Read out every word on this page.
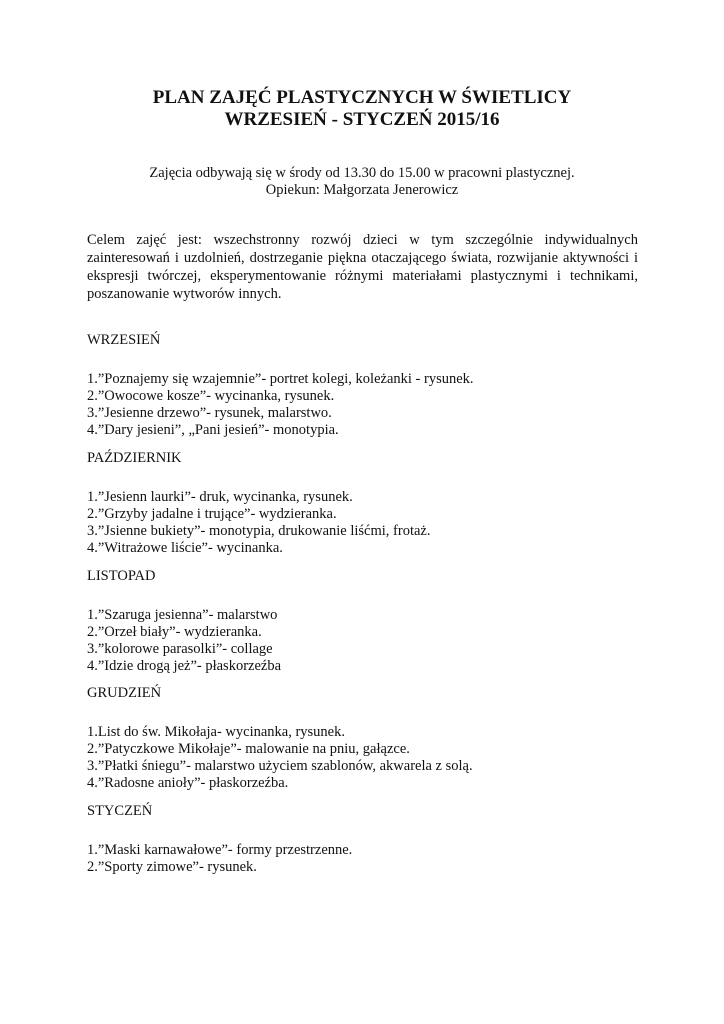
PLAN ZAJĘĆ PLASTYCZNYCH W ŚWIETLICY
WRZESIEŃ - STYCZEŃ 2015/16

Zajęcia odbywają się w środy od 13.30 do 15.00 w pracowni plastycznej.

Opiekun: Małgorzata Jenerowicz

Celem zajęć jest: wszechstronny rozwój dzieci w tym szczególnie indywidualnych zainteresowań i uzdolnień, dostrzeganie piękna otaczającego świata, rozwijanie aktywności i ekspresji twórczej, eksperymentowanie różnymi materiałami plastycznymi i technikami, poszanowanie wytworów innych.

WRZESIEŃ

1.”Poznajemy się wzajemnie”- portret kolegi, koleżanki - rysunek.
2.”Owocowe kosze”- wycinanka, rysunek.
3.”Jesienne drzewo”- rysunek, malarstwo.
4.”Dary jesieni”, „Pani jesień”- monotypia.

PAŹDZIERNIK

1.”Jesienn laurki”- druk, wycinanka, rysunek.
2.”Grzyby jadalne i trujące”- wydzieranka.
3.”Jsienne bukiety”- monotypia, drukowanie liśćmi, frotaż.
4.”Witrażowe liście”- wycinanka.

LISTOPAD

1.”Szaruga jesienna”- malarstwo
2.”Orzeł biały”- wydzieranka.
3.”kolorowe parasolki”- collage
4.”Idzie drogą jeż”- płaskorzeźba

GRUDZIEŃ

1.List do św. Mikołaja- wycinanka, rysunek.
2.”Patyczkowe Mikołaje”- malowanie na pniu, gałązce.
3.”Płatki śniegu”- malarstwo użyciem szablonów, akwarela z solą.
4.”Radosne anioły”- płaskorzeźba.

STYCZEŃ

1.”Maski karnawałowe”- formy przestrzenne.
2.”Sporty zimowe”- rysunek.
